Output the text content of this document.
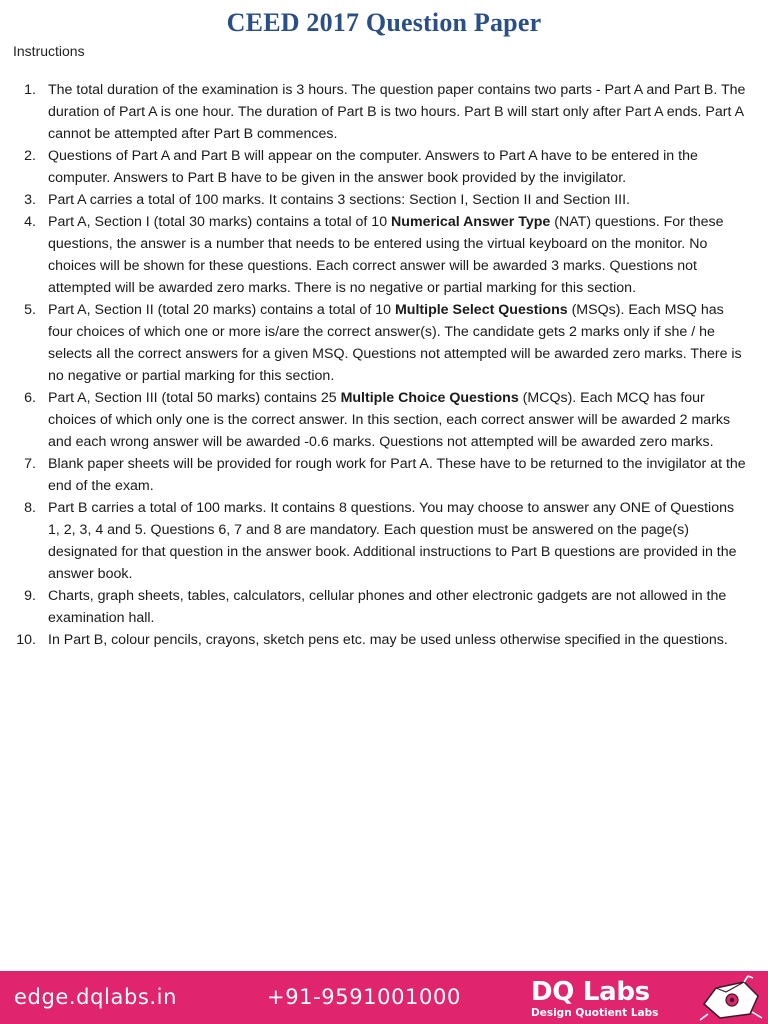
CEED 2017 Question Paper
Instructions
1. The total duration of the examination is 3 hours. The question paper contains two parts - Part A and Part B. The duration of Part A is one hour. The duration of Part B is two hours. Part B will start only after Part A ends. Part A cannot be attempted after Part B commences.
2. Questions of Part A and Part B will appear on the computer. Answers to Part A have to be entered in the computer. Answers to Part B have to be given in the answer book provided by the invigilator.
3. Part A carries a total of 100 marks. It contains 3 sections: Section I, Section II and Section III.
4. Part A, Section I (total 30 marks) contains a total of 10 Numerical Answer Type (NAT) questions. For these questions, the answer is a number that needs to be entered using the virtual keyboard on the monitor. No choices will be shown for these questions. Each correct answer will be awarded 3 marks. Questions not attempted will be awarded zero marks. There is no negative or partial marking for this section.
5. Part A, Section II (total 20 marks) contains a total of 10 Multiple Select Questions (MSQs). Each MSQ has four choices of which one or more is/are the correct answer(s). The candidate gets 2 marks only if she / he selects all the correct answers for a given MSQ. Questions not attempted will be awarded zero marks. There is no negative or partial marking for this section.
6. Part A, Section III (total 50 marks) contains 25 Multiple Choice Questions (MCQs). Each MCQ has four choices of which only one is the correct answer. In this section, each correct answer will be awarded 2 marks and each wrong answer will be awarded -0.6 marks. Questions not attempted will be awarded zero marks.
7. Blank paper sheets will be provided for rough work for Part A. These have to be returned to the invigilator at the end of the exam.
8. Part B carries a total of 100 marks. It contains 8 questions. You may choose to answer any ONE of Questions 1, 2, 3, 4 and 5. Questions 6, 7 and 8 are mandatory. Each question must be answered on the page(s) designated for that question in the answer book. Additional instructions to Part B questions are provided in the answer book.
9. Charts, graph sheets, tables, calculators, cellular phones and other electronic gadgets are not allowed in the examination hall.
10. In Part B, colour pencils, crayons, sketch pens etc. may be used unless otherwise specified in the questions.
edge.dqlabs.in	+91-9591001000	DQ Labs
Design Quotient Labs
